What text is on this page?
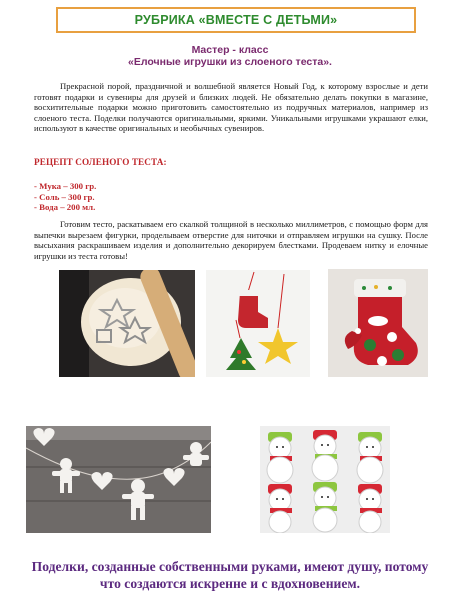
РУБРИКА «ВМЕСТЕ С ДЕТЬМИ»
Мастер - класс
«Елочные игрушки из слоеного теста».

Прекрасной порой, праздничной и волшебной является Новый Год, к которому взрослые и дети готовят подарки и сувениры для друзей и близких людей. Не обязательно делать покупки в магазине, восхитительные подарки можно приготовить самостоятельно из подручных материалов, например из слоеного теста. Поделки получаются оригинальными, яркими. Уникальными игрушками украшают елки, используют в качестве оригинальных и необычных сувениров.

РЕЦЕПТ СОЛЕНОГО ТЕСТА:
- Мука – 300 гр.
- Соль – 300 гр.
- Вода – 200 мл.

Готовим тесто, раскатываем его скалкой толщиной в несколько миллиметров, с помощью форм для выпечки вырезаем фигурки, проделываем отверстие для ниточки и отправляем игрушки на сушку. После высыхания раскрашиваем изделия и дополнительно декорируем блестками. Продеваем нитку и елочные игрушки из теста готовы!

Поделки, созданные собственными руками, имеют душу, потому что создаются искренне и с вдохновением.
